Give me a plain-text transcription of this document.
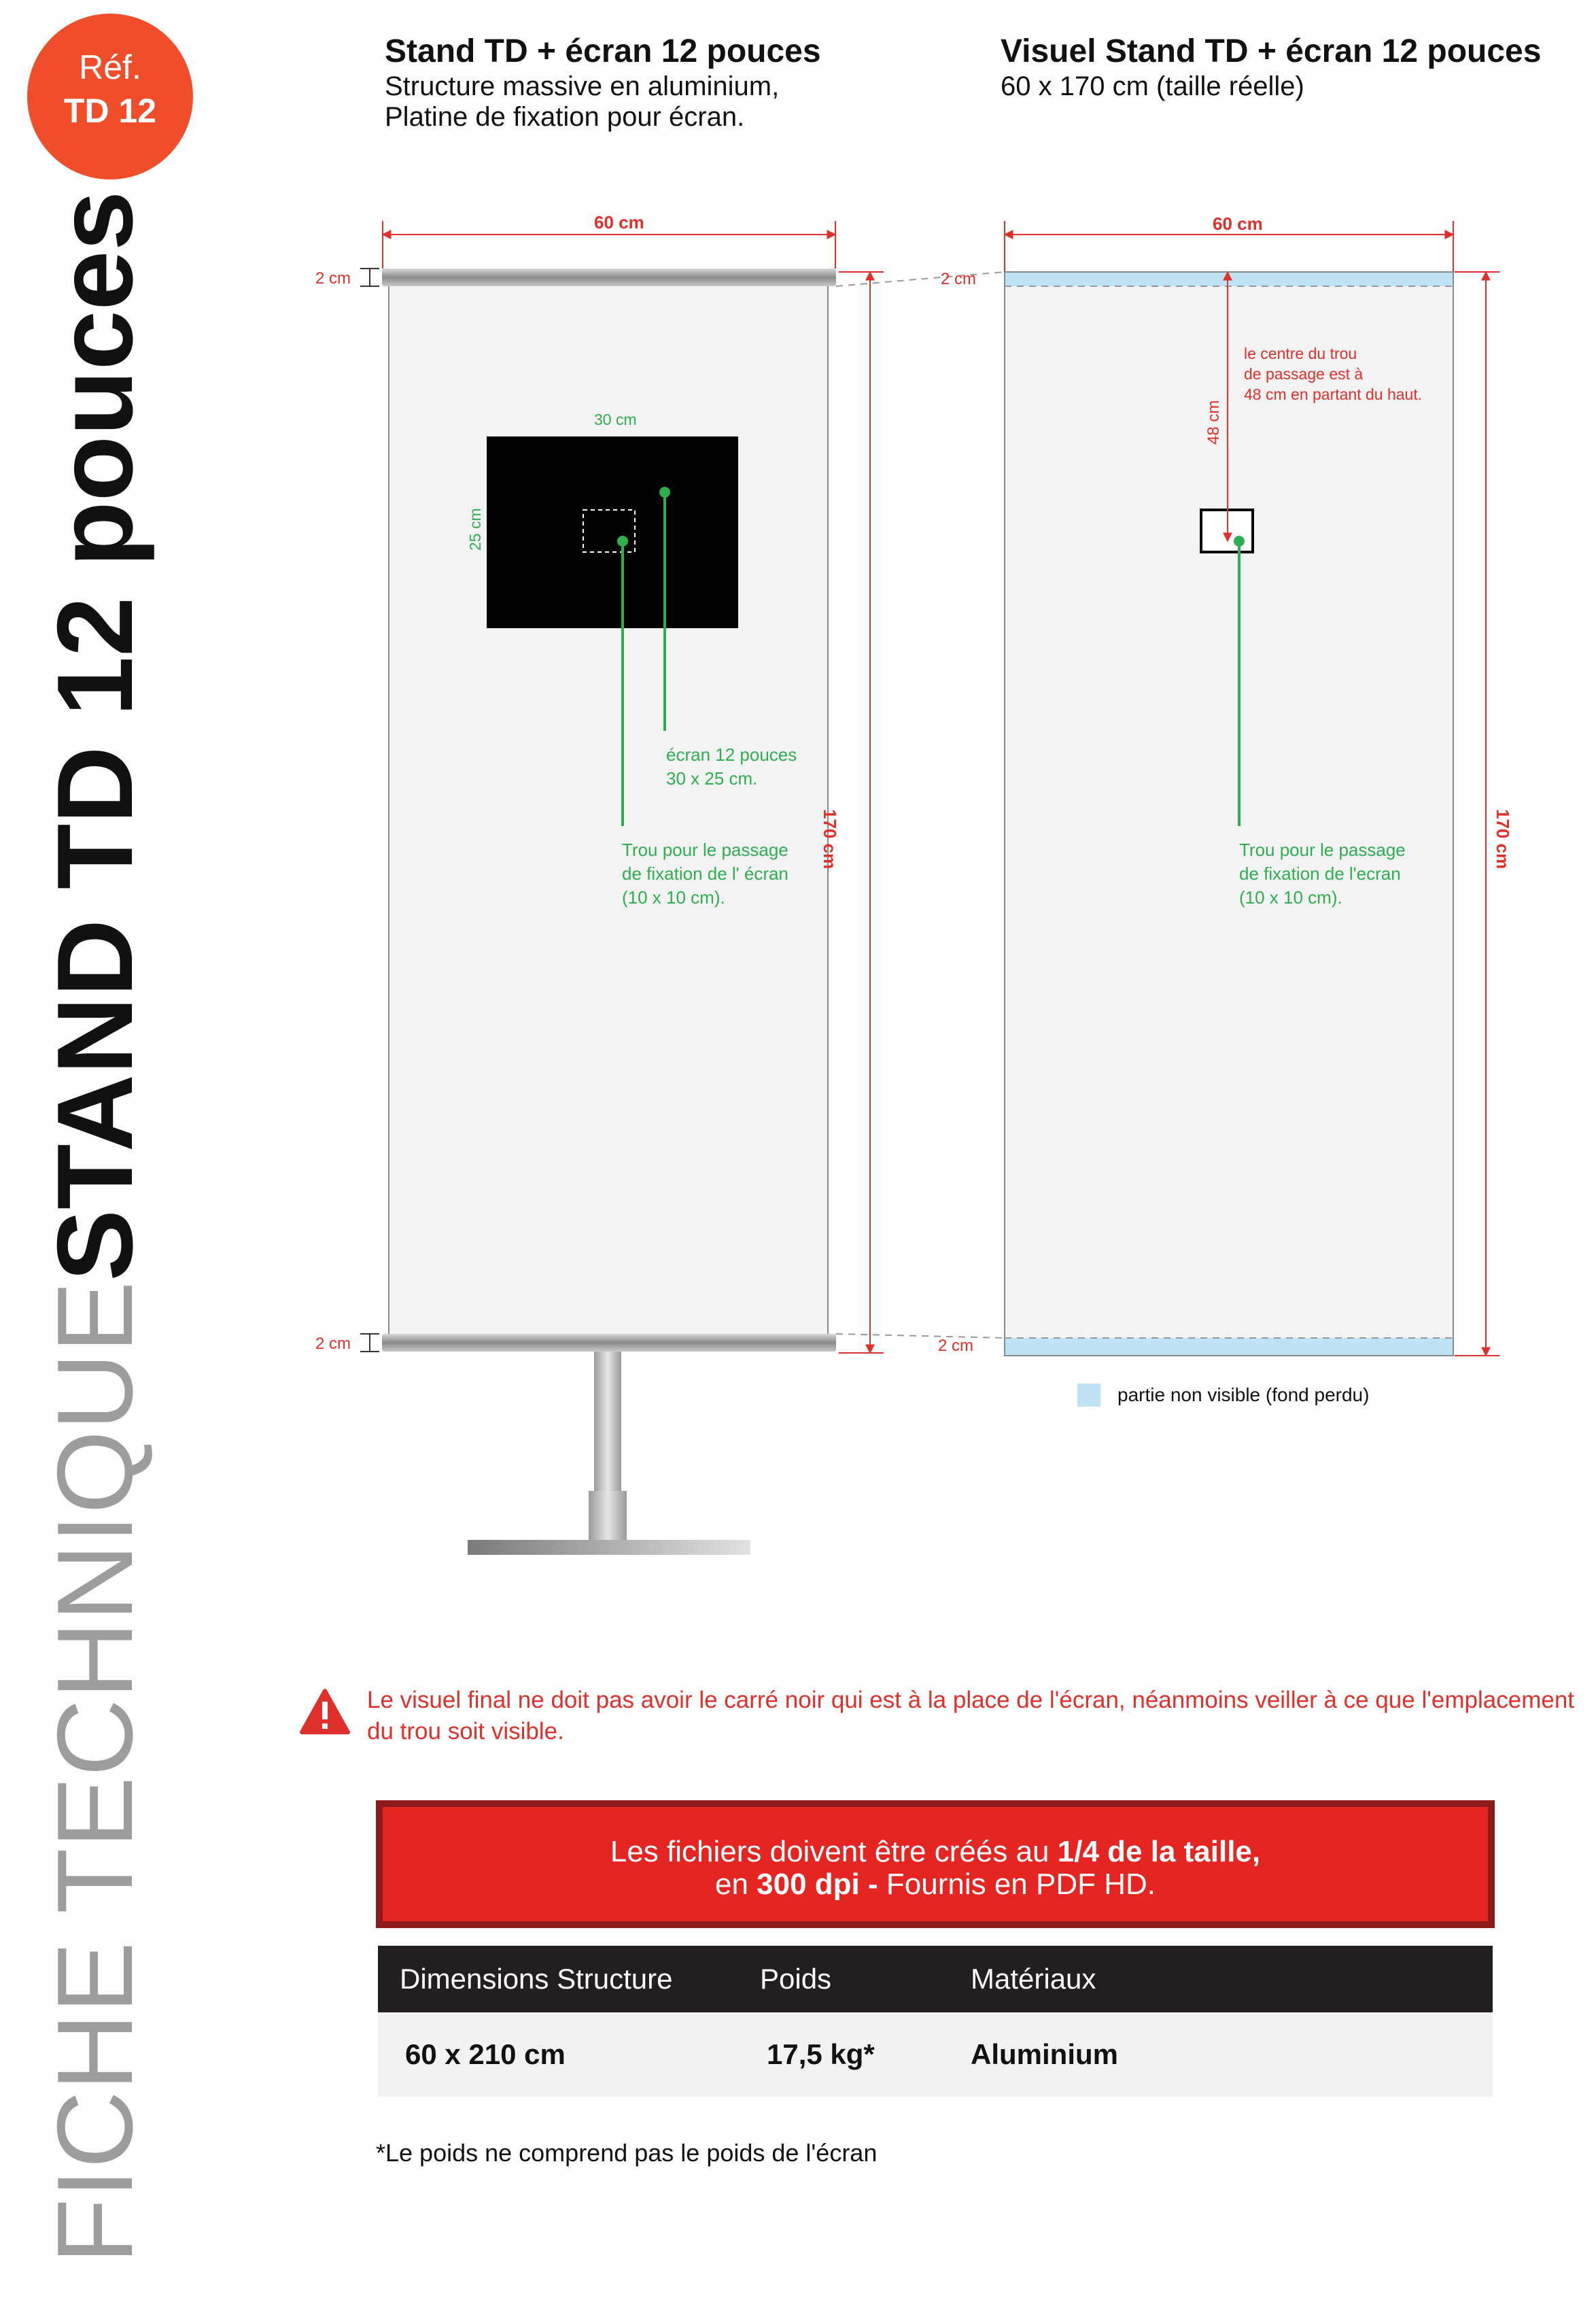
Réf.
TD 12
FICHE TECHNIQUESTAND TD 12 pouces
Stand TD + écran 12 pouces
Structure massive en aluminium,
Platine de fixation pour écran.
Visuel Stand TD + écran 12 pouces
60 x 170 cm (taille réelle)
60 cm
2 cm
2 cm
170 cm
30 cm
25 cm
écran 12 pouces
30 x 25 cm.
Trou pour le passage
de fixation de l' écran
(10 x 10 cm).
60 cm
2 cm
2 cm
170 cm
48 cm
le centre du trou
de passage est à
48 cm en partant du haut.
Trou pour le passage
de fixation de l'ecran
(10 x 10 cm).
partie non visible (fond perdu)
Le visuel final ne doit pas avoir le carré noir qui est à la place de l'écran, néanmoins veiller à ce que l'emplacement du trou soit visible.
Les fichiers doivent être créés au 1/4 de la taille,
en 300 dpi - Fournis en PDF HD.
Dimensions Structure	Poids	Matériaux
60 x 210 cm	17,5 kg*	Aluminium
*Le poids ne comprend pas le poids de l'écran
